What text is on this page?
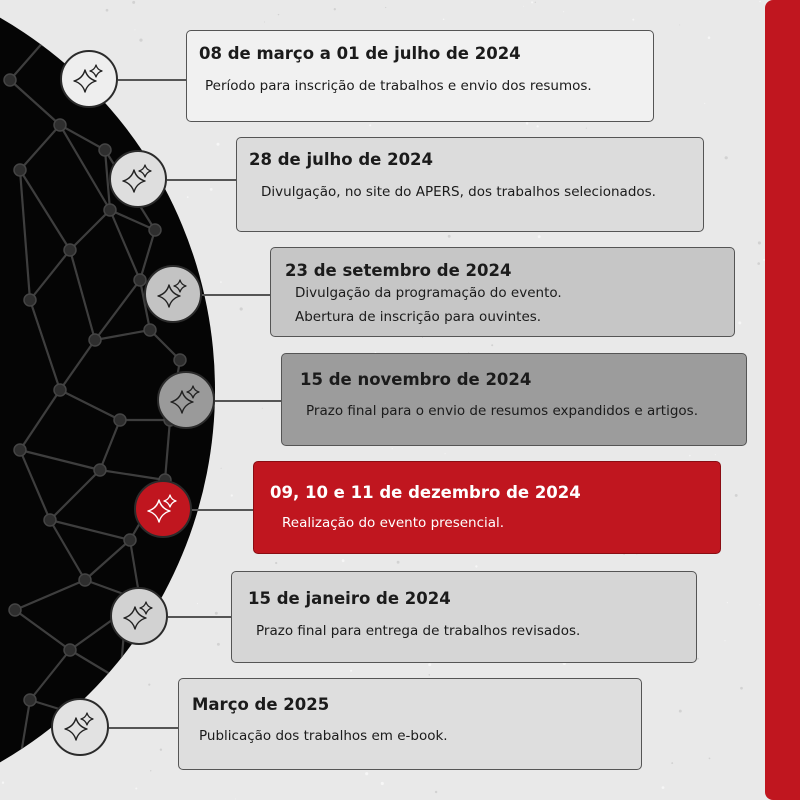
08 de março a 01 de julho de 2024
Período para inscrição de trabalhos e envio dos resumos.
28 de julho de 2024
Divulgação, no site do APERS, dos trabalhos selecionados.
23 de setembro de 2024
Divulgação da programação do evento.
Abertura de inscrição para ouvintes.
15 de novembro de 2024
Prazo final para o envio de resumos expandidos e artigos.
09, 10 e 11 de dezembro de 2024
Realização do evento presencial.
15 de janeiro de 2024
Prazo final para entrega de trabalhos revisados.
Março de 2025
Publicação dos trabalhos em e-book.
